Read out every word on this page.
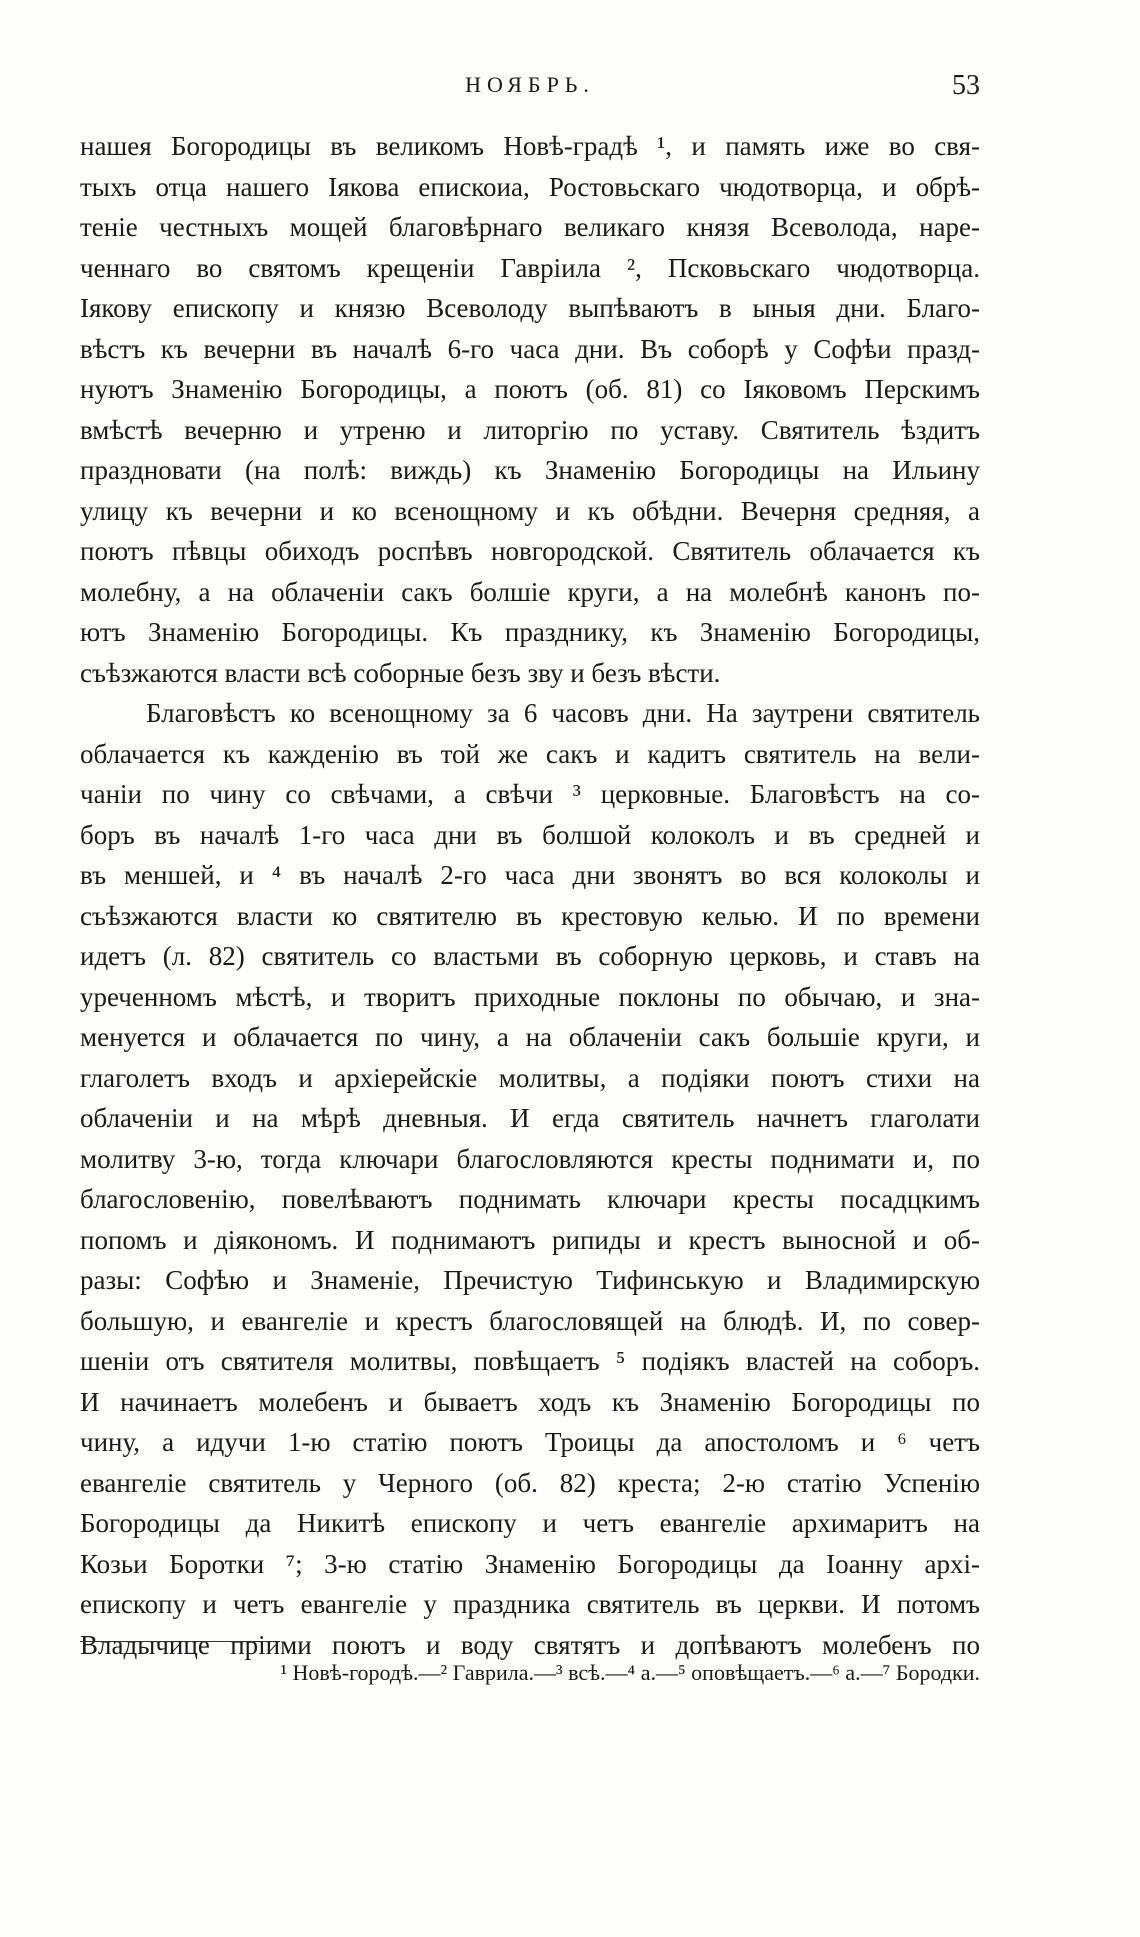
НОЯБРЬ.	53
нашея Богородицы въ великомъ Новѣ-градѣ ¹, и память иже во свя-
тыхъ отца нашего Іякова епискоиа, Ростовьскаго чюдотворца, и обрѣ-
теніе честныхъ мощей благовѣрнаго великаго князя Всеволода, наре-
ченнаго во святомъ крещеніи Гавріила ², Псковьскаго чюдотворца.
Іякову епископу и князю Всеволоду выпѣваютъ в ыныя дни. Благо-
вѣстъ къ вечерни въ началѣ 6-го часа дни. Въ соборѣ у Софѣи празд-
нуютъ Знаменію Богородицы, а поютъ (об. 81) со Іяковомъ Перскимъ
вмѣстѣ вечерню и утреню и литоргію по уставу. Святитель ѣздитъ
праздновати (на полѣ: виждь) къ Знаменію Богородицы на Ильину
улицу къ вечерни и ко всенощному и къ обѣдни. Вечерня средняя, а
поютъ пѣвцы обиходъ роспѣвъ новгородской. Святитель облачается къ
молебну, а на облаченіи сакъ болшіе круги, а на молебнѣ канонъ по-
ютъ Знаменію Богородицы. Къ празднику, къ Знаменію Богородицы,
съѣзжаются власти всѣ соборные безъ зву и безъ вѣсти.
Благовѣстъ ко всенощному за 6 часовъ дни. На заутрени святитель
облачается къ кажденію въ той же сакъ и кадитъ святитель на вели-
чаніи по чину со свѣчами, а свѣчи ³ церковные. Благовѣстъ на со-
боръ въ началѣ 1-го часа дни въ болшой колоколъ и въ средней и
въ меншей, и ⁴ въ началѣ 2-го часа дни звонятъ во вся колоколы и
съѣзжаются власти ко святителю въ крестовую келью. И по времени
идетъ (л. 82) святитель со властьми въ соборную церковь, и ставъ на
уреченномъ мѣстѣ, и творитъ приходные поклоны по обычаю, и зна-
менуется и облачается по чину, а на облаченіи сакъ большіе круги, и
глаголетъ входъ и архіерейскіе молитвы, а подіяки поютъ стихи на
облаченіи и на мѣрѣ дневныя. И егда святитель начнетъ глаголати
молитву 3-ю, тогда ключари благословляются кресты поднимати и, по
благословенію, повелѣваютъ поднимать ключари кресты посадцкимъ
попомъ и діякономъ. И поднимаютъ рипиды и крестъ выносной и об-
разы: Софѣю и Знаменіе, Пречистую Тифинськую и Владимирскую
большую, и евангеліе и крестъ благословящей на блюдѣ. И, по совер-
шеніи отъ святителя молитвы, повѣщаетъ ⁵ подіякъ властей на соборъ.
И начинаетъ молебенъ и бываетъ ходъ къ Знаменію Богородицы по
чину, а идучи 1-ю статію поютъ Троицы да апостоломъ и ⁶ четъ
евангеліе святитель у Черного (об. 82) креста; 2-ю статію Успенію
Богородицы да Никитѣ епископу и четъ евангеліе архимаритъ на
Козьи Боротки ⁷; 3-ю статію Знаменію Богородицы да Іоанну архі-
епископу и четъ евангеліе у праздника святитель въ церкви. И потомъ
Владычице пріими поютъ и воду святятъ и допѣваютъ молебенъ по
¹ Новѣ-городѣ.—² Гаврила.—³ всѣ.—⁴ а.—⁵ оповѣщаетъ.—⁶ а.—⁷ Бородки.
